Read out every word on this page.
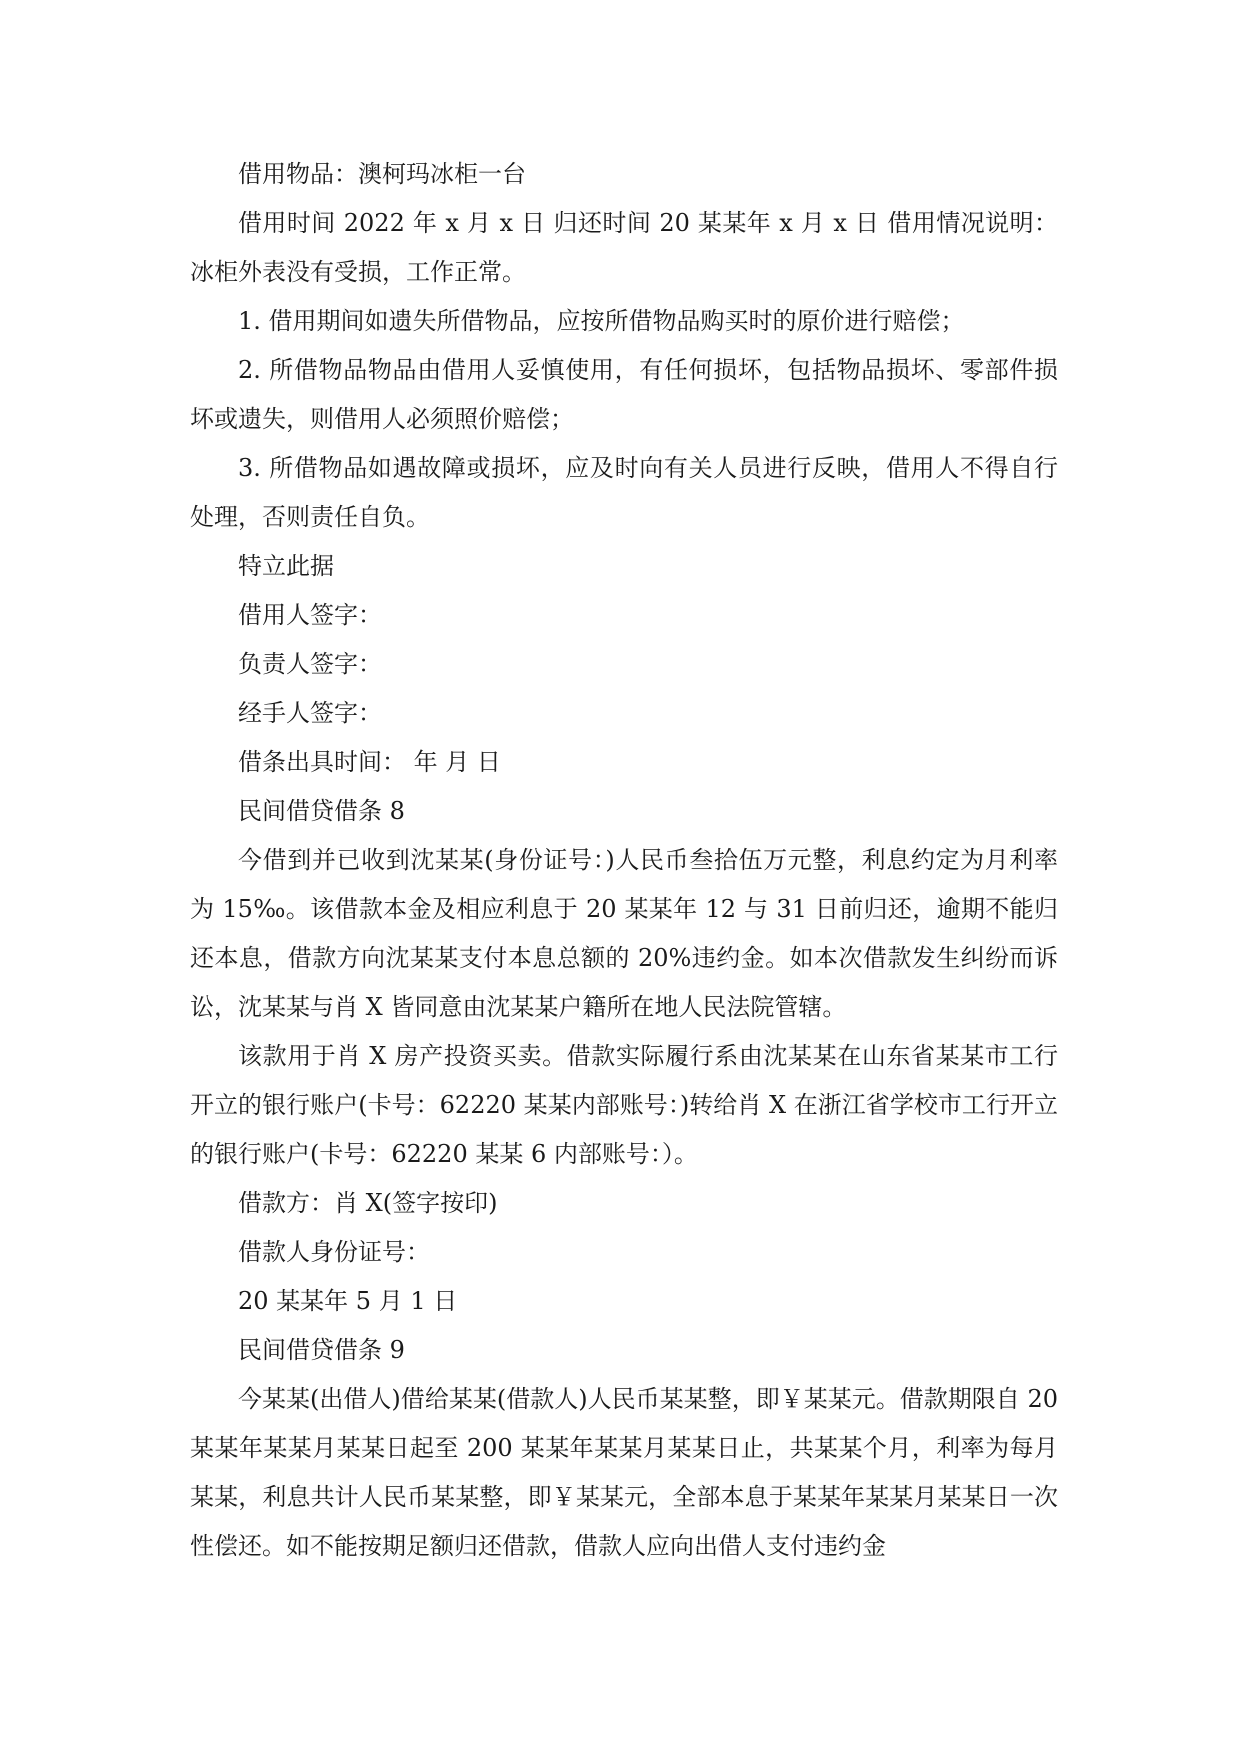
借用物品：澳柯玛冰柜一台

借用时间 2022 年 x 月 x 日 归还时间 20 某某年 x 月 x 日 借用情况说明：冰柜外表没有受损，工作正常。

1. 借用期间如遗失所借物品，应按所借物品购买时的原价进行赔偿；

2. 所借物品物品由借用人妥慎使用，有任何损坏，包括物品损坏、零部件损坏或遗失，则借用人必须照价赔偿；

3. 所借物品如遇故障或损坏，应及时向有关人员进行反映，借用人不得自行处理，否则责任自负。

特立此据

借用人签字：

负责人签字：

经手人签字：

借条出具时间： 年 月 日

民间借贷借条 8

今借到并已收到沈某某(身份证号：)人民币叁拾伍万元整，利息约定为月利率为 15‰。该借款本金及相应利息于 20 某某年 12 与 31 日前归还，逾期不能归还本息，借款方向沈某某支付本息总额的 20%违约金。如本次借款发生纠纷而诉讼，沈某某与肖 X 皆同意由沈某某户籍所在地人民法院管辖。

该款用于肖 X 房产投资买卖。借款实际履行系由沈某某在山东省某某市工行开立的银行账户(卡号：62220 某某内部账号：)转给肖 X 在浙江省学校市工行开立的银行账户(卡号：62220 某某 6 内部账号：）。

借款方：肖 X(签字按印)

借款人身份证号：

20 某某年 5 月 1 日

民间借贷借条 9

今某某(出借人)借给某某(借款人)人民币某某整，即￥某某元。借款期限自 20 某某年某某月某某日起至 200 某某年某某月某某日止，共某某个月，利率为每月某某，利息共计人民币某某整，即￥某某元，全部本息于某某年某某月某某日一次性偿还。如不能按期足额归还借款，借款人应向出借人支付违约金
